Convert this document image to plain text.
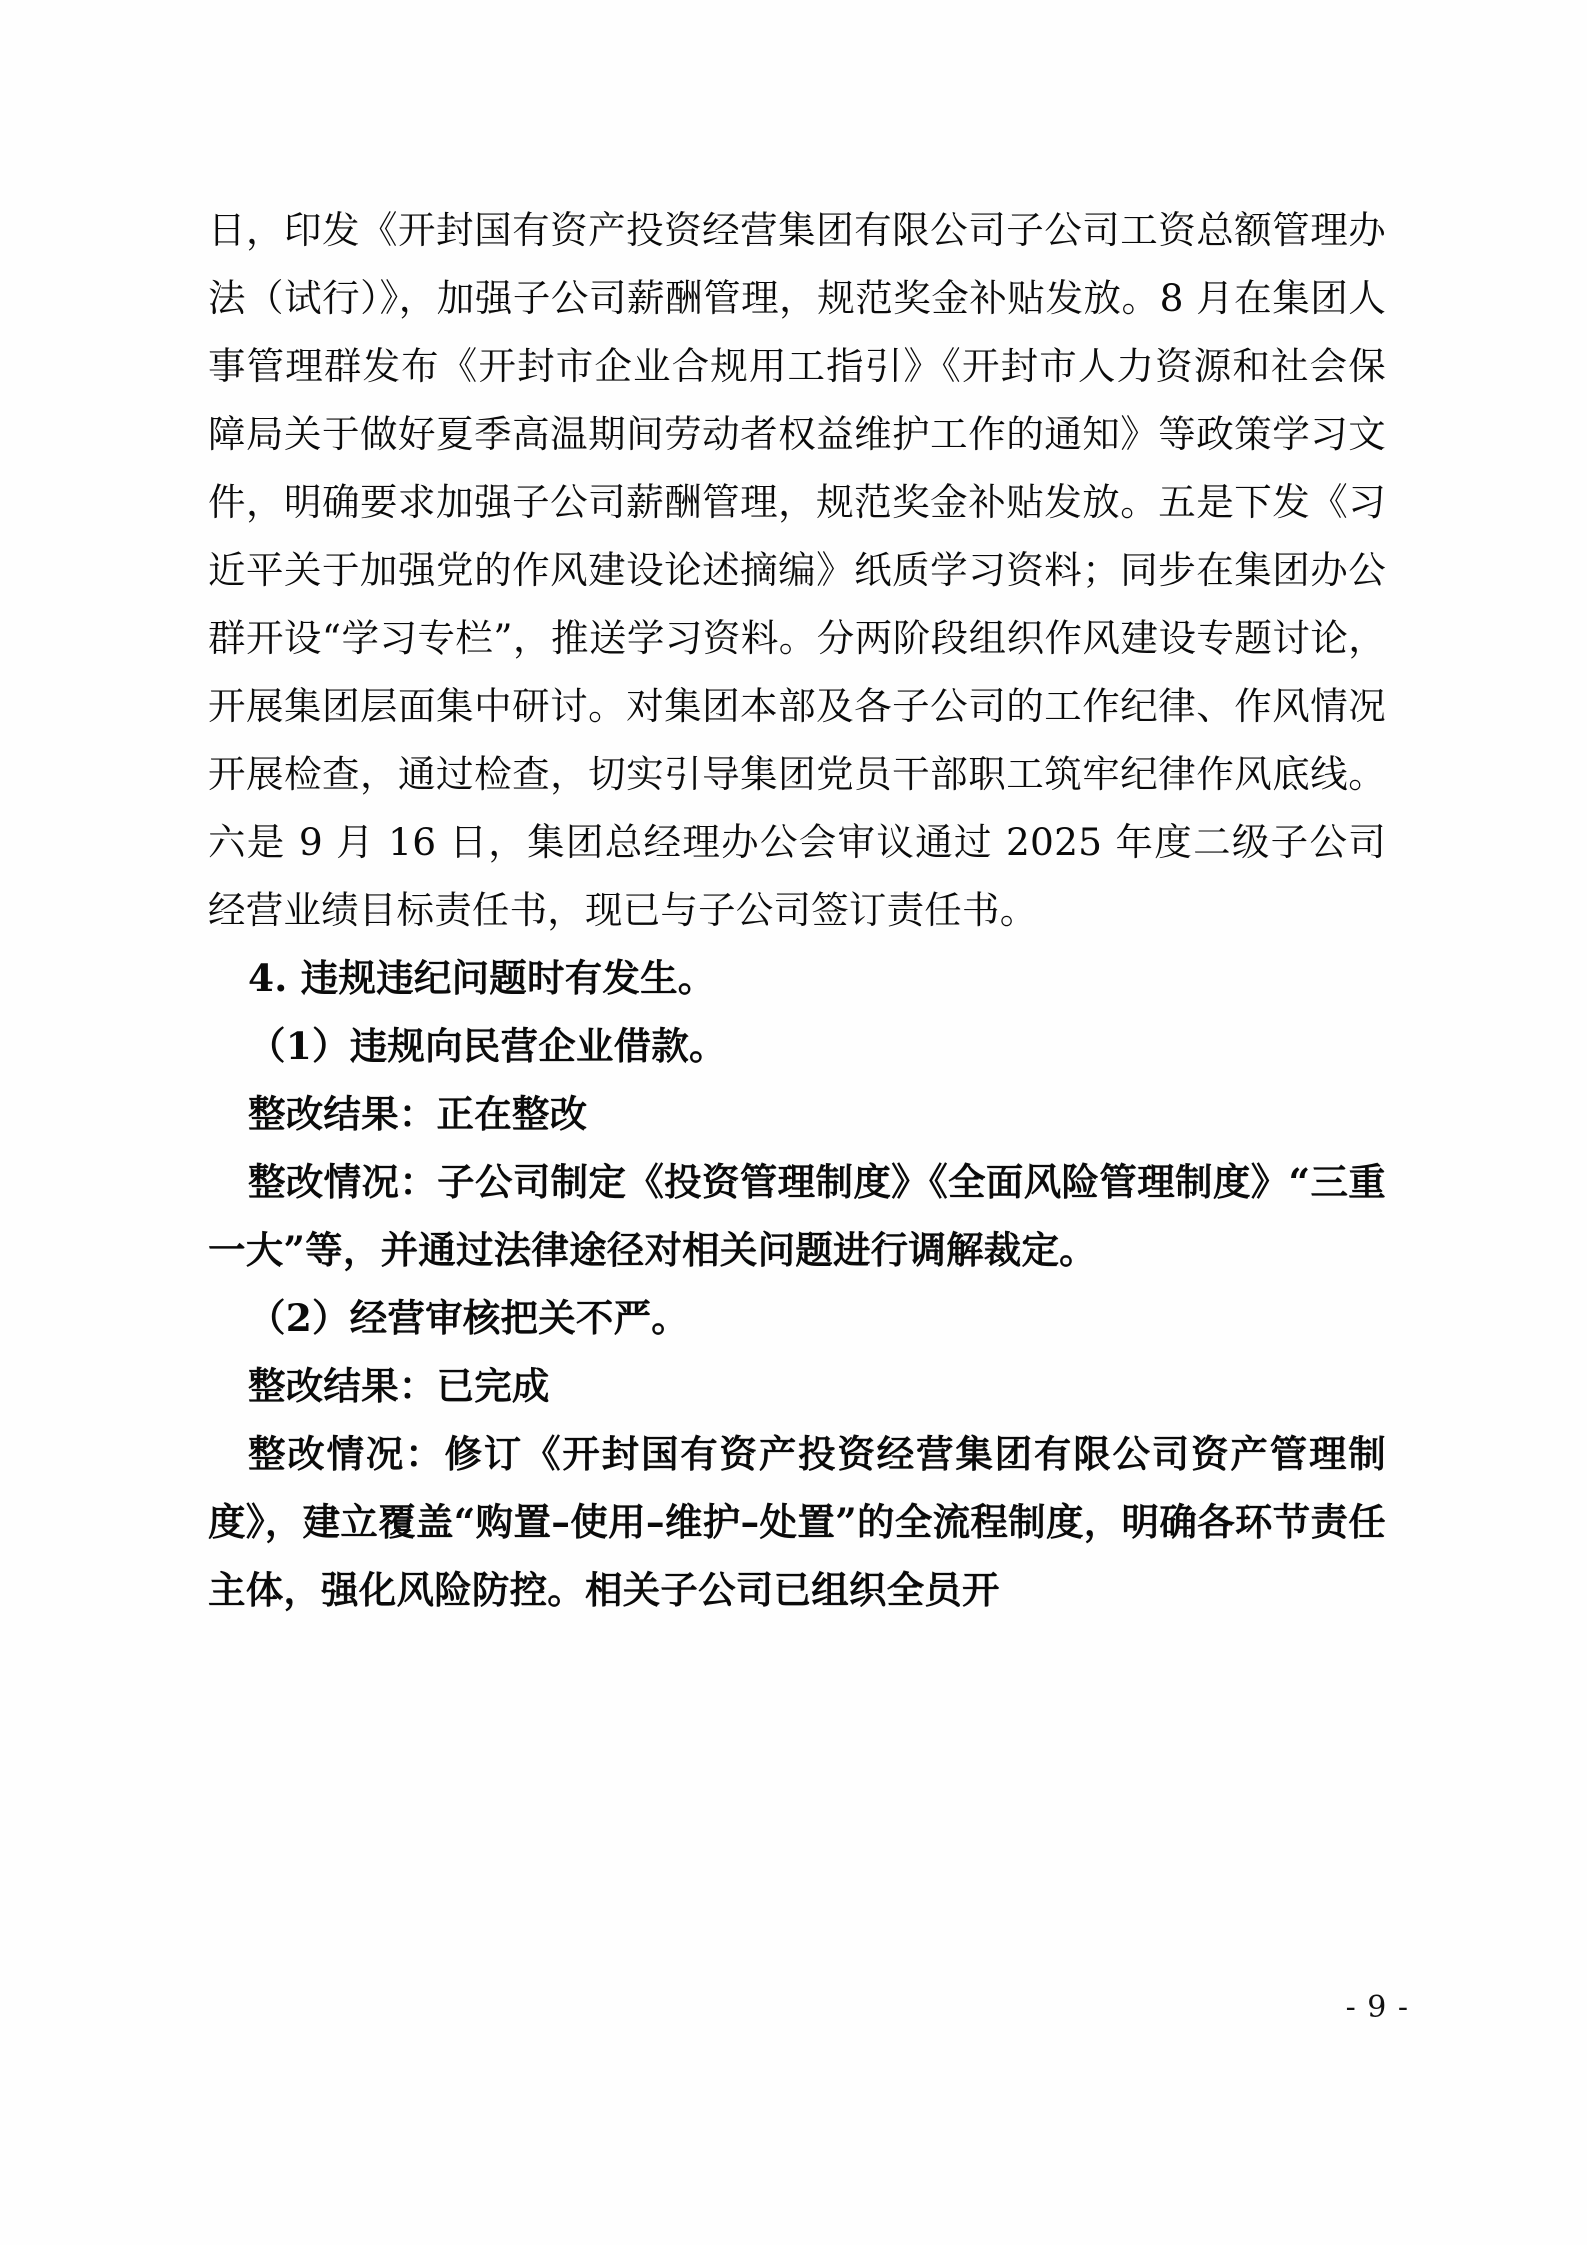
日，印发《开封国有资产投资经营集团有限公司子公司工资总额管理办法（试行）》，加强子公司薪酬管理，规范奖金补贴发放。8 月在集团人事管理群发布《开封市企业合规用工指引》《开封市人力资源和社会保障局关于做好夏季高温期间劳动者权益维护工作的通知》等政策学习文件，明确要求加强子公司薪酬管理，规范奖金补贴发放。五是下发《习近平关于加强党的作风建设论述摘编》纸质学习资料；同步在集团办公群开设“学习专栏”，推送学习资料。分两阶段组织作风建设专题讨论，开展集团层面集中研讨。对集团本部及各子公司的工作纪律、作风情况开展检查，通过检查，切实引导集团党员干部职工筑牢纪律作风底线。六是 9 月 16 日，集团总经理办公会审议通过 2025 年度二级子公司经营业绩目标责任书，现已与子公司签订责任书。

4. 违规违纪问题时有发生。

（1）违规向民营企业借款。

整改结果：正在整改

整改情况：子公司制定《投资管理制度》《全面风险管理制度》“三重一大”等，并通过法律途径对相关问题进行调解裁定。

（2）经营审核把关不严。

整改结果：已完成

整改情况：修订《开封国有资产投资经营集团有限公司资产管理制度》，建立覆盖“购置–使用–维护–处置”的全流程制度，明确各环节责任主体，强化风险防控。相关子公司已组织全员开

- 9 -
